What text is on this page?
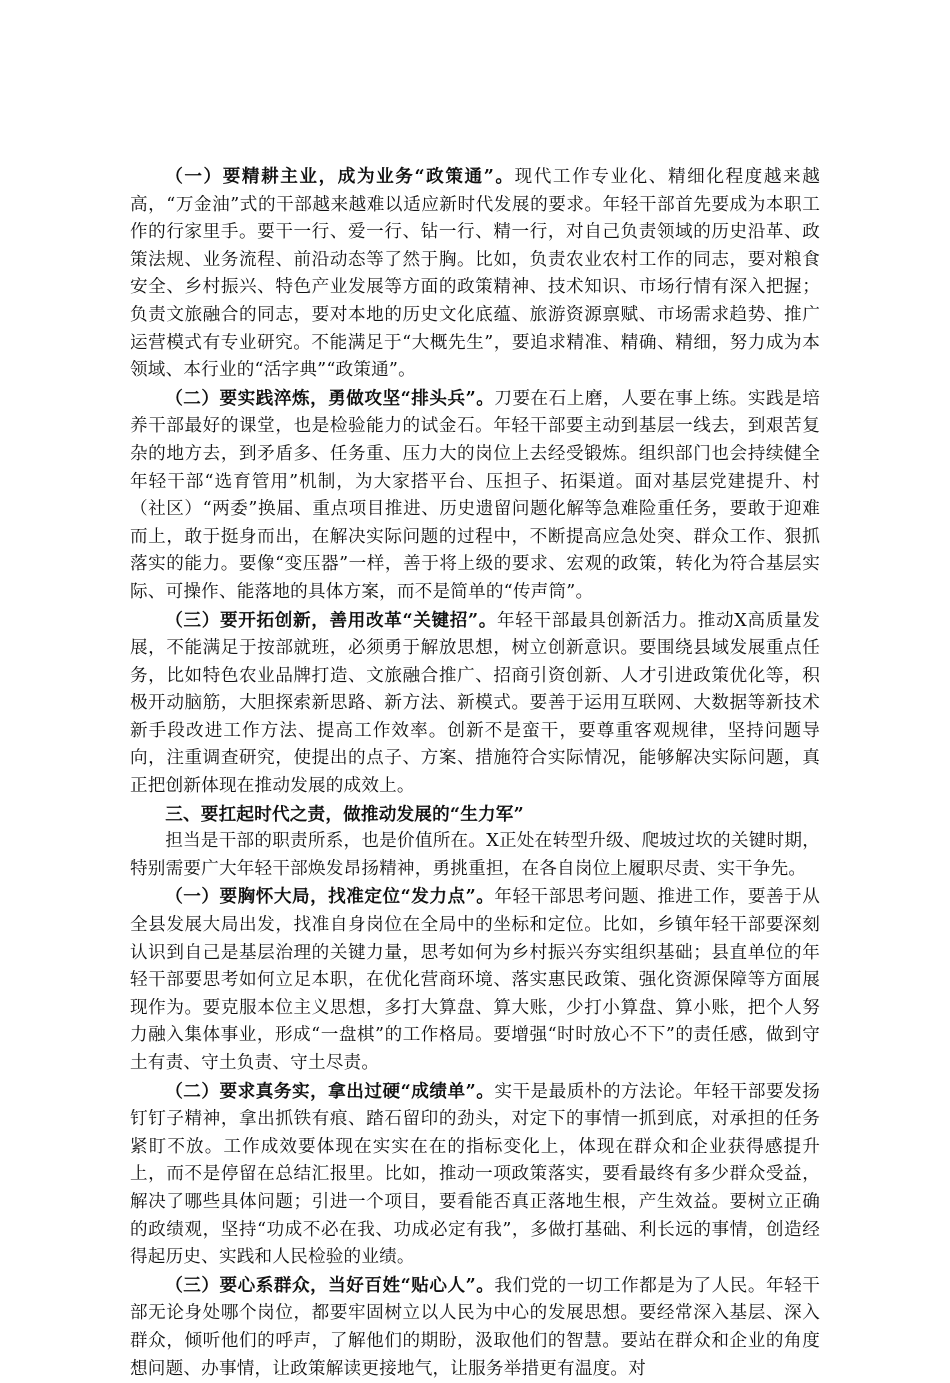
（一）要精耕主业，成为业务“政策通”。现代工作专业化、精细化程度越来越高，“万金油”式的干部越来越难以适应新时代发展的要求。年轻干部首先要成为本职工作的行家里手。要干一行、爱一行、钻一行、精一行，对自己负责领域的历史沿革、政策法规、业务流程、前沿动态等了然于胸。比如，负责农业农村工作的同志，要对粮食安全、乡村振兴、特色产业发展等方面的政策精神、技术知识、市场行情有深入把握；负责文旅融合的同志，要对本地的历史文化底蕴、旅游资源禀赋、市场需求趋势、推广运营模式有专业研究。不能满足于“大概先生”，要追求精准、精确、精细，努力成为本领域、本行业的“活字典”“政策通”。

（二）要实践淬炼，勇做攻坚“排头兵”。刀要在石上磨，人要在事上练。实践是培养干部最好的课堂，也是检验能力的试金石。年轻干部要主动到基层一线去，到艰苦复杂的地方去，到矛盾多、任务重、压力大的岗位上去经受锻炼。组织部门也会持续健全年轻干部“选育管用”机制，为大家搭平台、压担子、拓渠道。面对基层党建提升、村（社区）“两委”换届、重点项目推进、历史遗留问题化解等急难险重任务，要敢于迎难而上，敢于挺身而出，在解决实际问题的过程中，不断提高应急处突、群众工作、狠抓落实的能力。要像“变压器”一样，善于将上级的要求、宏观的政策，转化为符合基层实际、可操作、能落地的具体方案，而不是简单的“传声筒”。

（三）要开拓创新，善用改革“关键招”。年轻干部最具创新活力。推动X高质量发展，不能满足于按部就班，必须勇于解放思想，树立创新意识。要围绕县域发展重点任务，比如特色农业品牌打造、文旅融合推广、招商引资创新、人才引进政策优化等，积极开动脑筋，大胆探索新思路、新方法、新模式。要善于运用互联网、大数据等新技术新手段改进工作方法、提高工作效率。创新不是蛮干，要尊重客观规律，坚持问题导向，注重调查研究，使提出的点子、方案、措施符合实际情况，能够解决实际问题，真正把创新体现在推动发展的成效上。

三、要扛起时代之责，做推动发展的“生力军”

担当是干部的职责所系，也是价值所在。X正处在转型升级、爬坡过坎的关键时期，特别需要广大年轻干部焕发昂扬精神，勇挑重担，在各自岗位上履职尽责、实干争先。

（一）要胸怀大局，找准定位“发力点”。年轻干部思考问题、推进工作，要善于从全县发展大局出发，找准自身岗位在全局中的坐标和定位。比如，乡镇年轻干部要深刻认识到自己是基层治理的关键力量，思考如何为乡村振兴夯实组织基础；县直单位的年轻干部要思考如何立足本职，在优化营商环境、落实惠民政策、强化资源保障等方面展现作为。要克服本位主义思想，多打大算盘、算大账，少打小算盘、算小账，把个人努力融入集体事业，形成“一盘棋”的工作格局。要增强“时时放心不下”的责任感，做到守土有责、守土负责、守土尽责。

（二）要求真务实，拿出过硬“成绩单”。实干是最质朴的方法论。年轻干部要发扬钉钉子精神，拿出抓铁有痕、踏石留印的劲头，对定下的事情一抓到底，对承担的任务紧盯不放。工作成效要体现在实实在在的指标变化上，体现在群众和企业获得感提升上，而不是停留在总结汇报里。比如，推动一项政策落实，要看最终有多少群众受益，解决了哪些具体问题；引进一个项目，要看能否真正落地生根，产生效益。要树立正确的政绩观，坚持“功成不必在我、功成必定有我”，多做打基础、利长远的事情，创造经得起历史、实践和人民检验的业绩。

（三）要心系群众，当好百姓“贴心人”。我们党的一切工作都是为了人民。年轻干部无论身处哪个岗位，都要牢固树立以人民为中心的发展思想。要经常深入基层、深入群众，倾听他们的呼声，了解他们的期盼，汲取他们的智慧。要站在群众和企业的角度想问题、办事情，让政策解读更接地气，让服务举措更有温度。对
